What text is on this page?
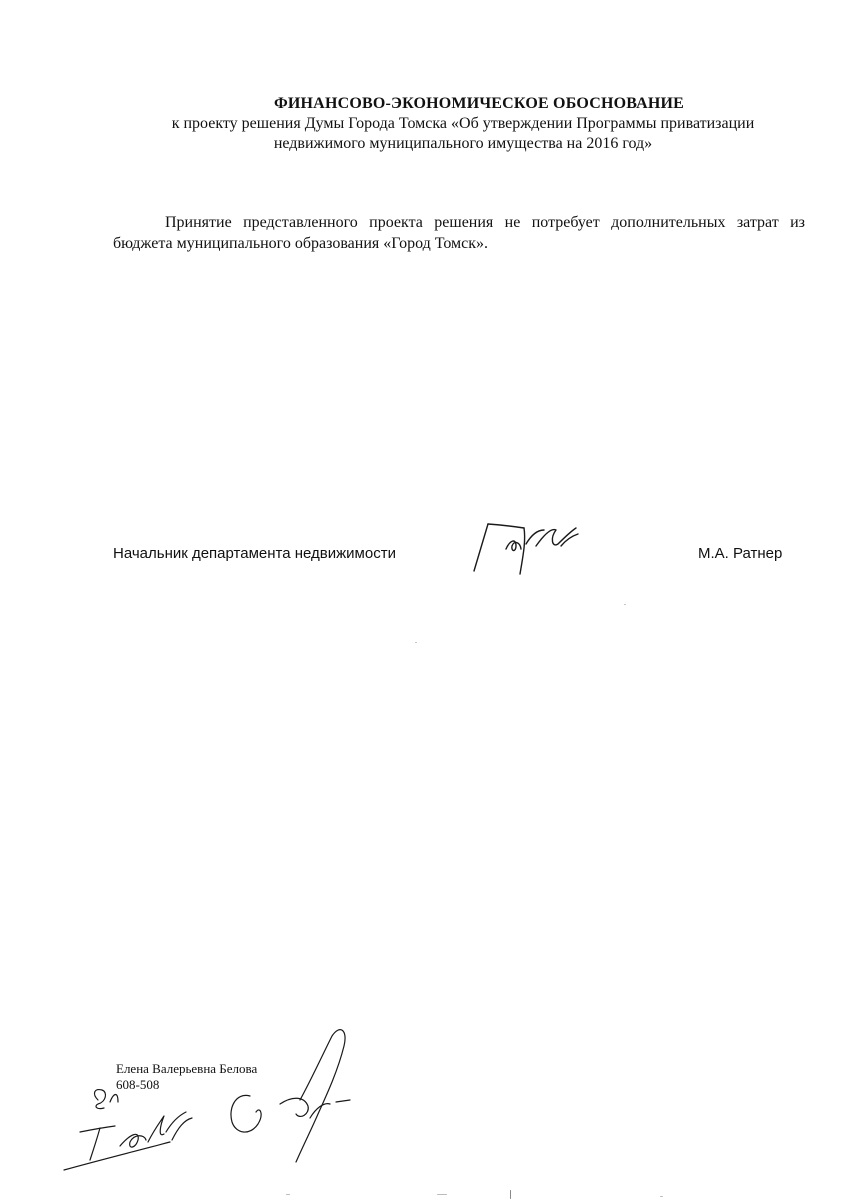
ФИНАНСОВО-ЭКОНОМИЧЕСКОЕ ОБОСНОВАНИЕ

к проекту решения Думы Города Томска «Об утверждении Программы приватизации

недвижимого муниципального имущества на 2016 год»

Принятие представленного проекта решения не потребует дополнительных затрат из бюджета муниципального образования «Город Томск».

Начальник департамента недвижимости	М.А. Ратнер
Елена Валерьевна Белова
608-508
